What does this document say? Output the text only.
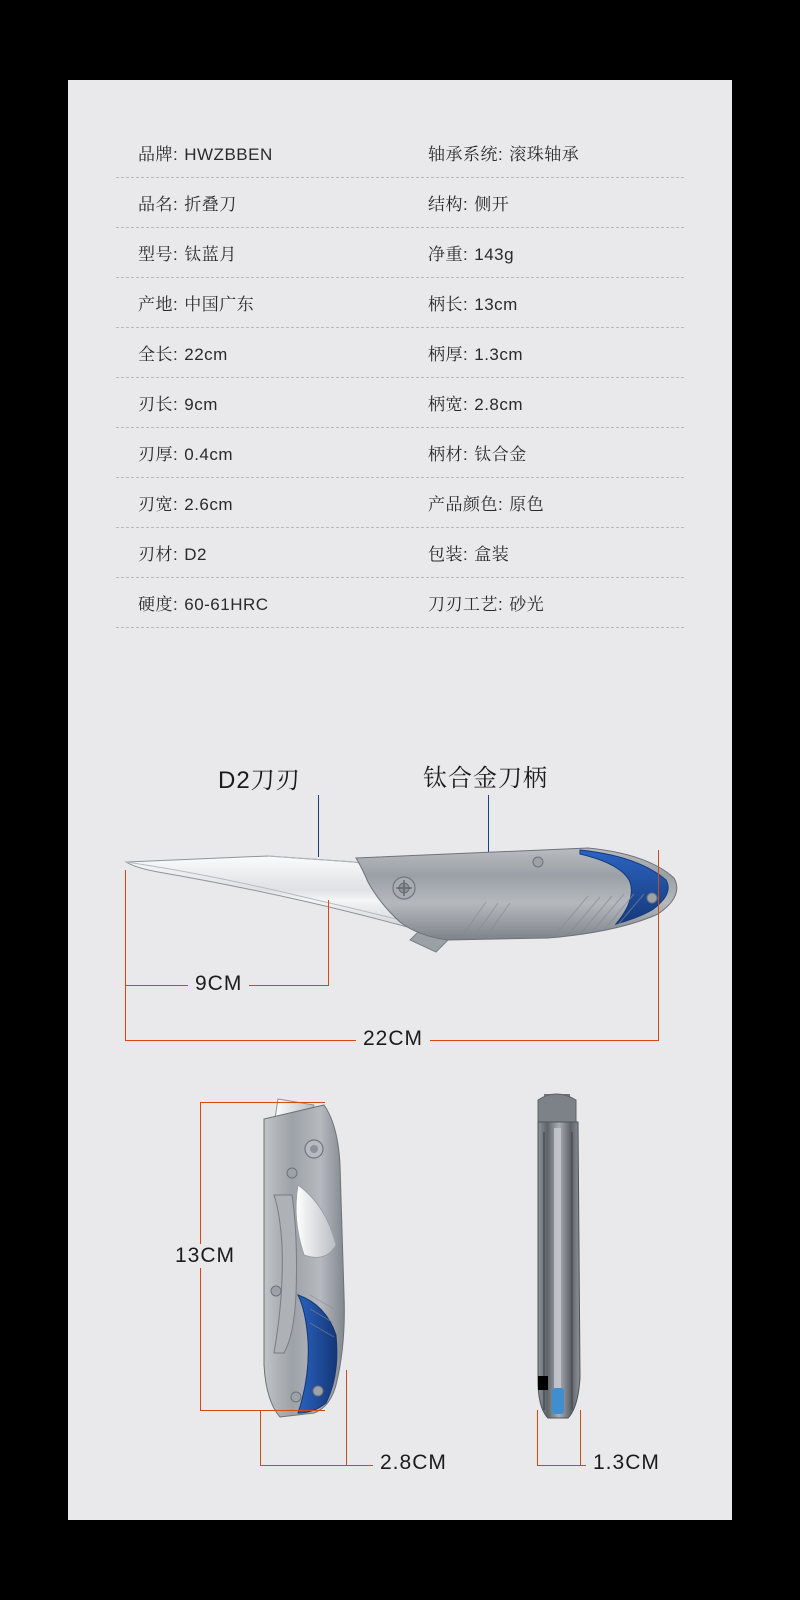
品牌: HWZBBEN	轴承系统: 滚珠轴承
品名: 折叠刀	结构: 侧开
型号: 钛蓝月	净重: 143g
产地: 中国广东	柄长: 13cm
全长: 22cm	柄厚: 1.3cm
刃长: 9cm	柄宽: 2.8cm
刃厚: 0.4cm	柄材: 钛合金
刃宽: 2.6cm	产品颜色: 原色
刃材: D2	包装: 盒装
硬度: 60-61HRC	刀刃工艺: 砂光
D2刀刃	钛合金刀柄
9CM
22CM
13CM
2.8CM	1.3CM
